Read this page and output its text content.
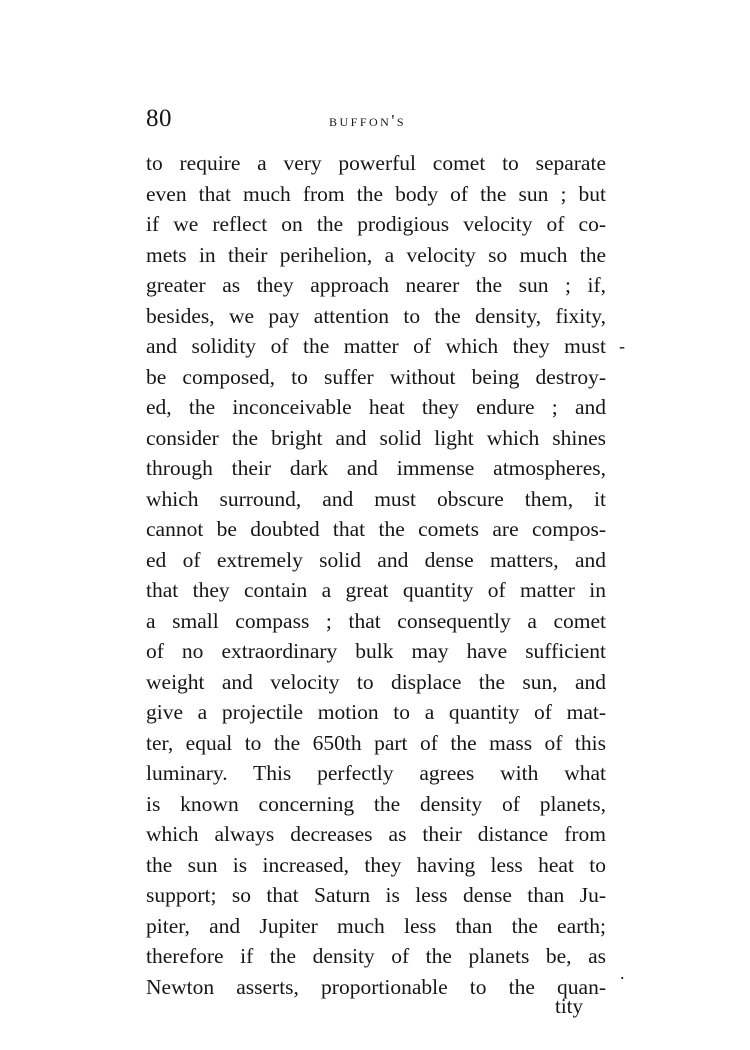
80	buffon's
to require a very powerful comet to separate
even that much from the body of the sun ; but
if we reflect on the prodigious velocity of co-
mets in their perihelion, a velocity so much the
greater as they approach nearer the sun ; if,
besides, we pay attention to the density, fixity,
and solidity of the matter of which they must
be composed, to suffer without being destroy-
ed, the inconceivable heat they endure ; and
consider the bright and solid light which shines
through their dark and immense atmospheres,
which surround, and must obscure them, it
cannot be doubted that the comets are compos-
ed of extremely solid and dense matters, and
that they contain a great quantity of matter in
a small compass ; that consequently a comet
of no extraordinary bulk may have sufficient
weight and velocity to displace the sun, and
give a projectile motion to a quantity of mat-
ter, equal to the 650th part of the mass of this
luminary. This perfectly agrees with what
is known concerning the density of planets,
which always decreases as their distance from
the sun is increased, they having less heat to
support; so that Saturn is less dense than Ju-
piter, and Jupiter much less than the earth;
therefore if the density of the planets be, as
Newton asserts, proportionable to the quan-
tity
-
.
